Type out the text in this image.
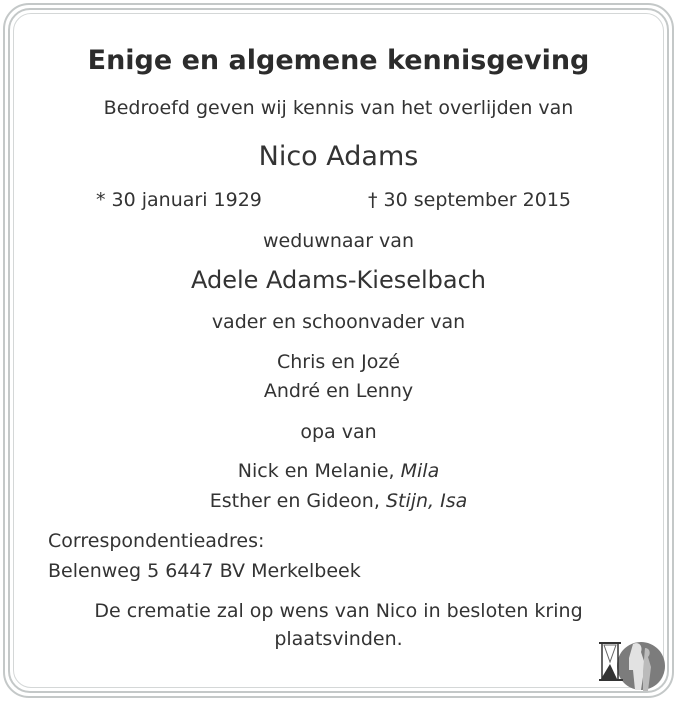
Enige en algemene kennisgeving
Bedroefd geven wij kennis van het overlijden van
Nico Adams
* 30 januari 1929	† 30 september 2015
weduwnaar van
Adele Adams-Kieselbach
vader en schoonvader van
Chris en Jozé
André en Lenny
opa van
Nick en Melanie, Mila
Esther en Gideon, Stijn, Isa
Correspondentieadres:
Belenweg 5 6447 BV Merkelbeek
De crematie zal op wens van Nico in besloten kring
plaatsvinden.
